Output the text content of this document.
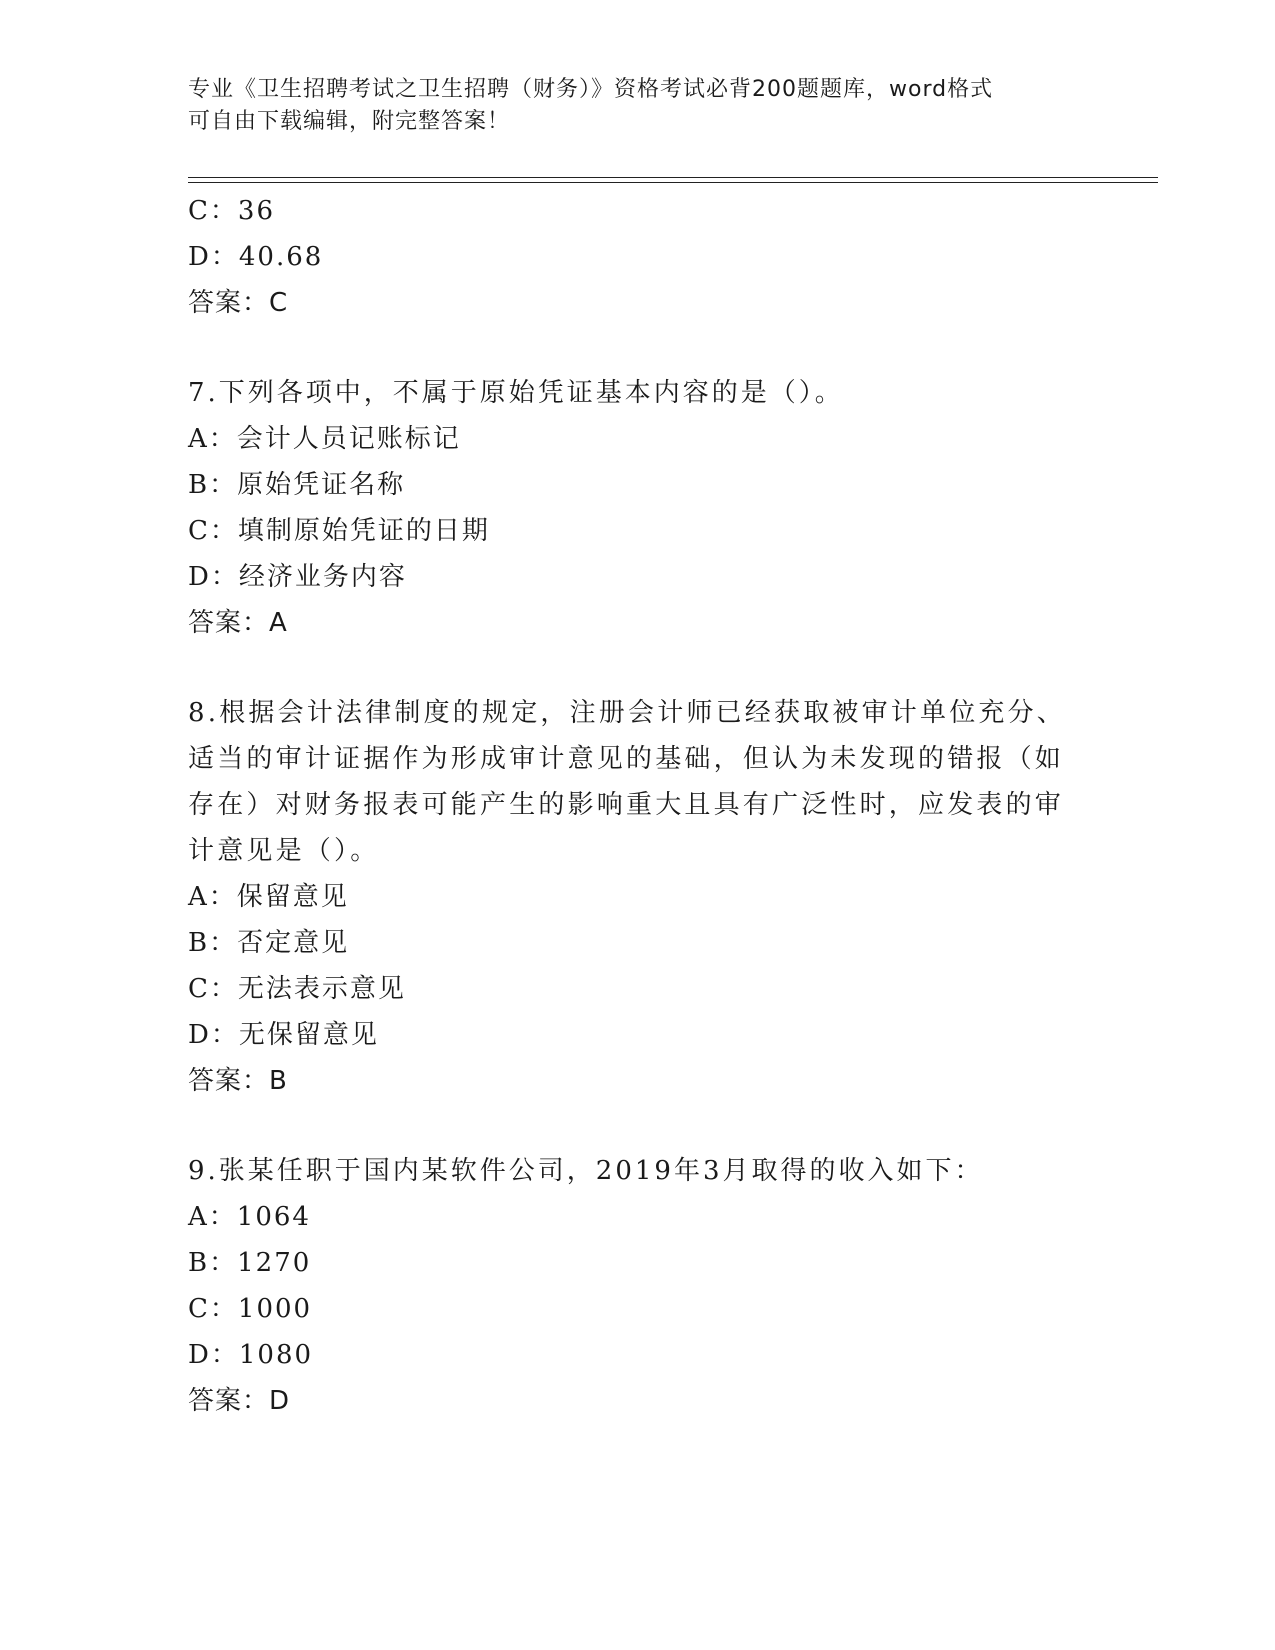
专业《卫生招聘考试之卫生招聘（财务）》资格考试必背200题题库，word格式
可自由下载编辑，附完整答案！
C：36
D：40.68
答案：C
7.下列各项中，不属于原始凭证基本内容的是（）。
A：会计人员记账标记
B：原始凭证名称
C：填制原始凭证的日期
D：经济业务内容
答案：A
8.根据会计法律制度的规定，注册会计师已经获取被审计单位充分、适当的审计证据作为形成审计意见的基础，但认为未发现的错报（如存在）对财务报表可能产生的影响重大且具有广泛性时，应发表的审计意见是（）。
A：保留意见
B：否定意见
C：无法表示意见
D：无保留意见
答案：B
9.张某任职于国内某软件公司，2019年3月取得的收入如下：
A：1064
B：1270
C：1000
D：1080
答案：D
